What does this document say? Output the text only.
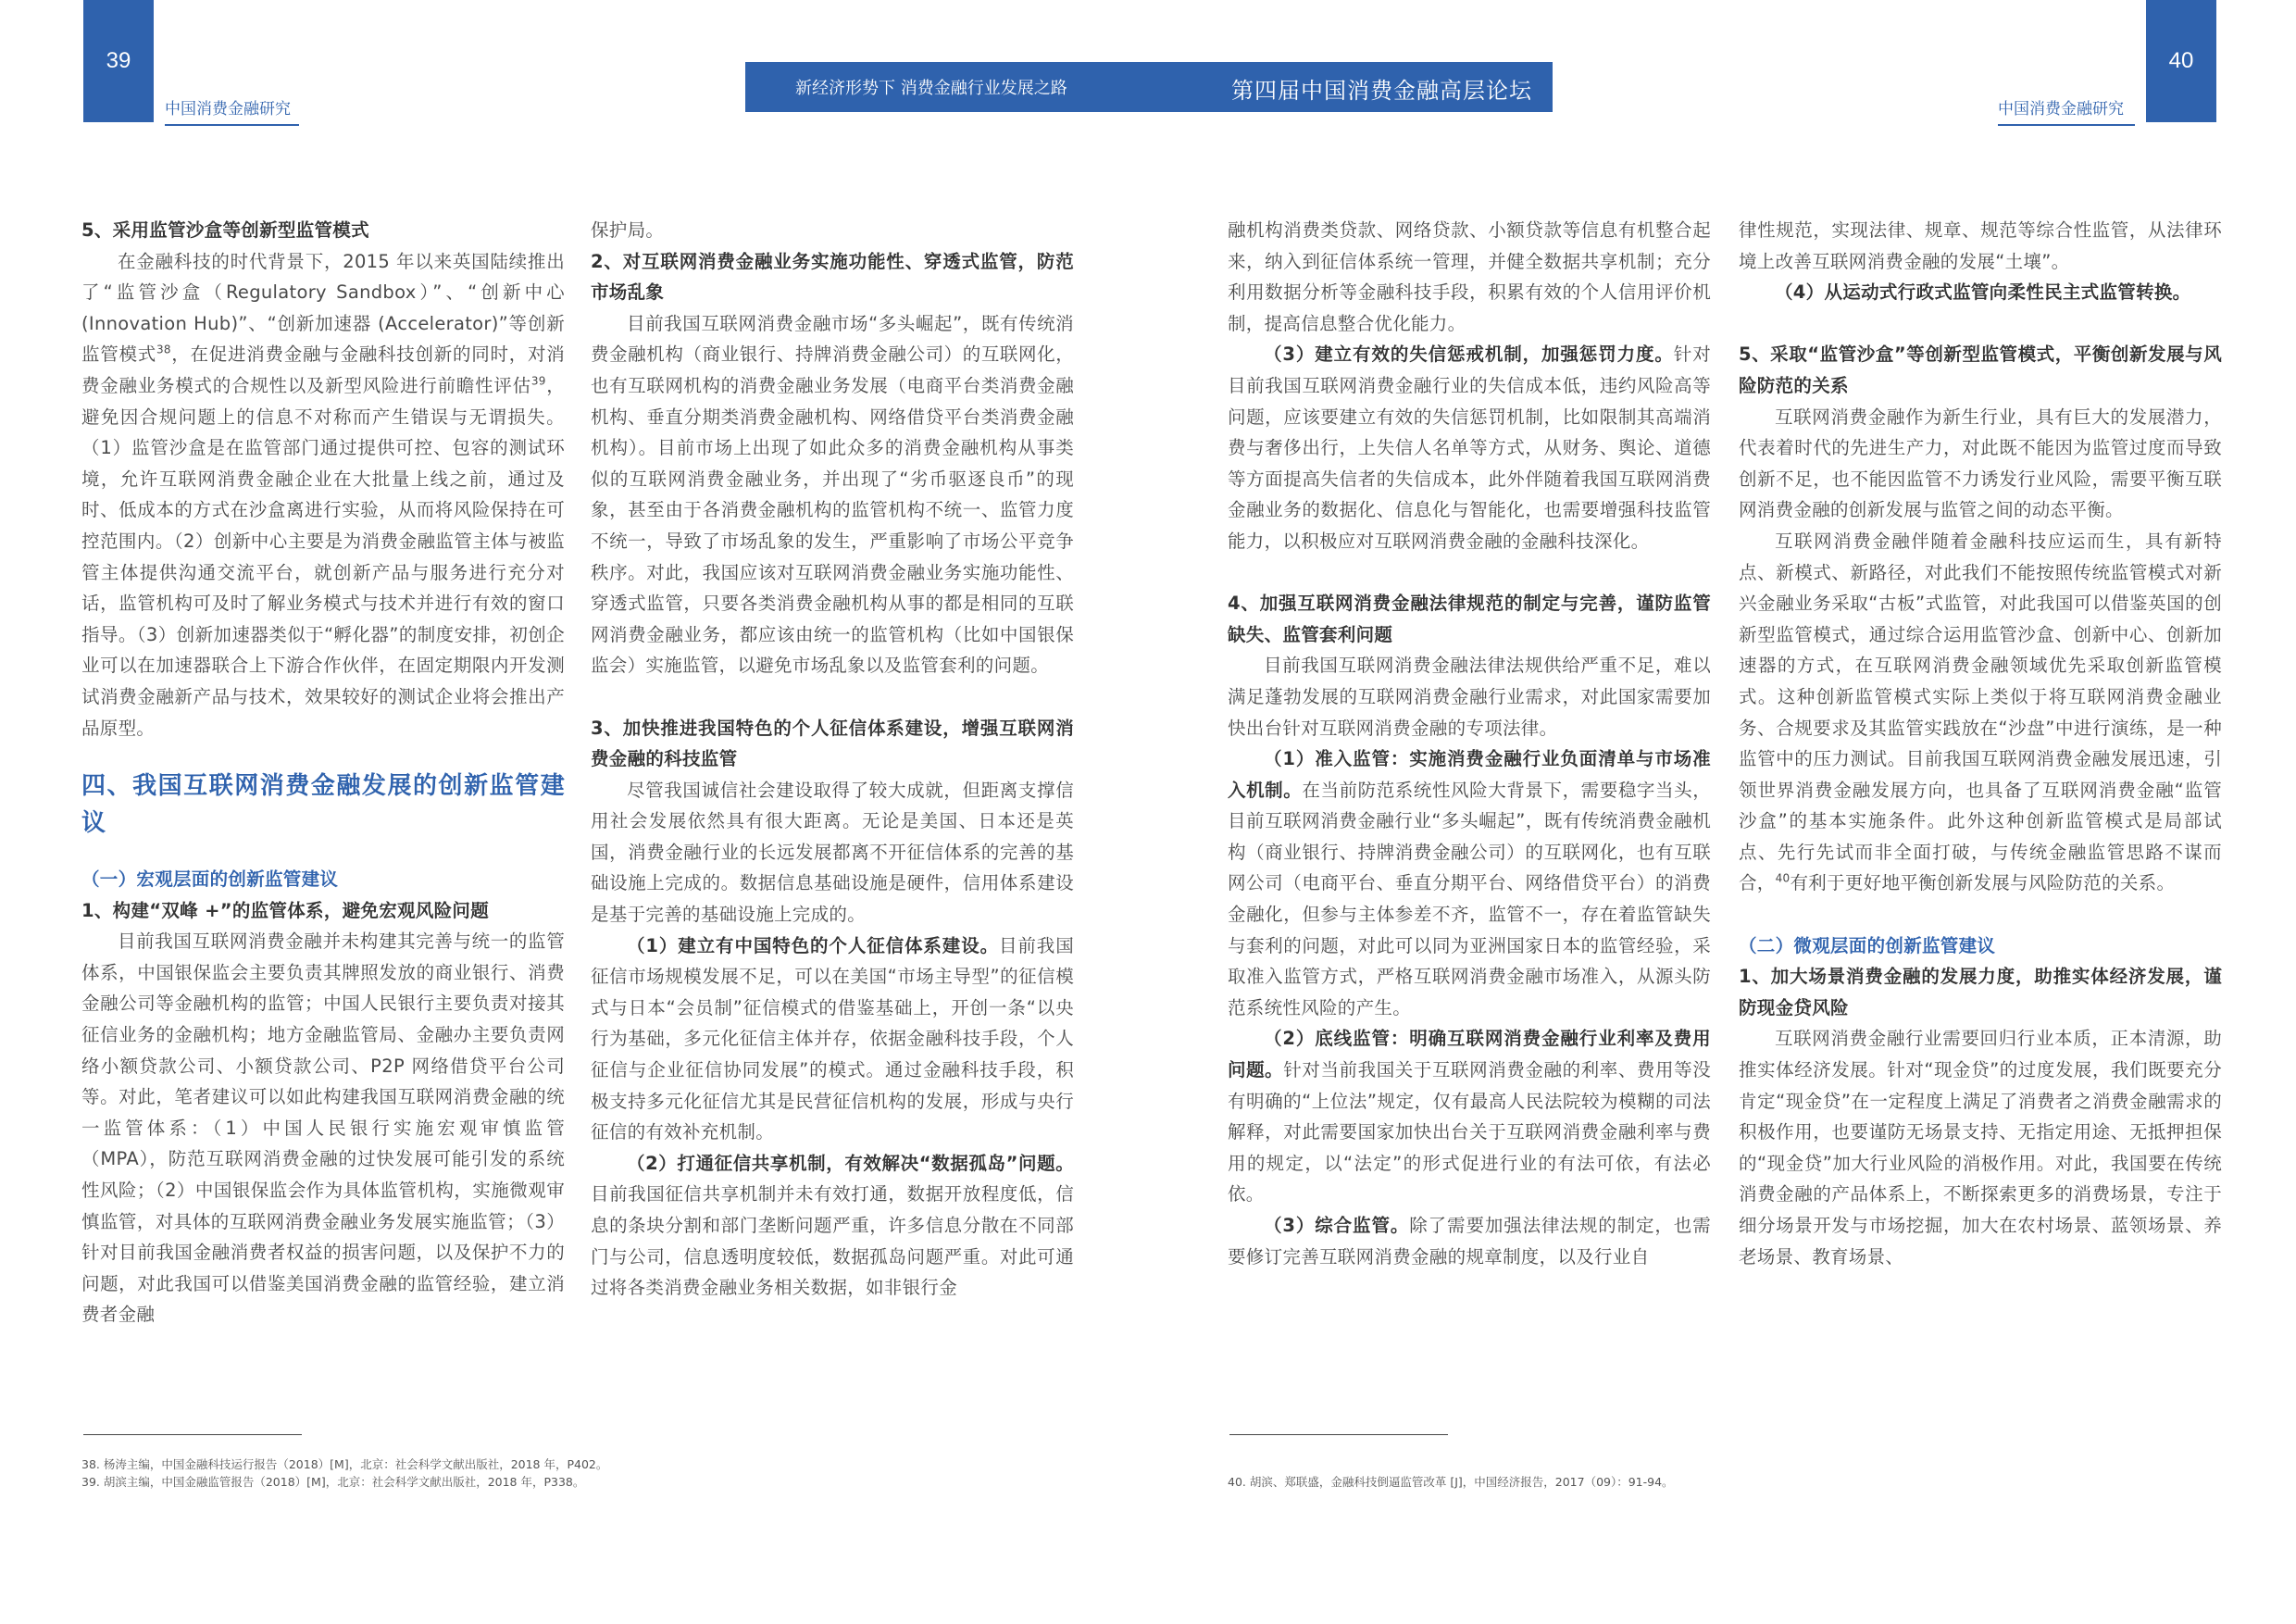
39	40
中国消费金融研究	中国消费金融研究
新经济形势下 消费金融行业发展之路	第四届中国消费金融高层论坛
5、采用监管沙盒等创新型监管模式

在金融科技的时代背景下，2015 年以来英国陆续推出了“监管沙盒（Regulatory Sandbox）”、“创新中心(Innovation Hub)”、“创新加速器 (Accelerator)”等创新监管模式$^{38}$，在促进消费金融与金融科技创新的同时，对消费金融业务模式的合规性以及新型风险进行前瞻性评估$^{39}$，避免因合规问题上的信息不对称而产生错误与无谓损失。（1）监管沙盒是在监管部门通过提供可控、包容的测试环境，允许互联网消费金融企业在大批量上线之前，通过及时、低成本的方式在沙盒离进行实验，从而将风险保持在可控范围内。（2）创新中心主要是为消费金融监管主体与被监管主体提供沟通交流平台，就创新产品与服务进行充分对话，监管机构可及时了解业务模式与技术并进行有效的窗口指导。（3）创新加速器类似于“孵化器”的制度安排，初创企业可以在加速器联合上下游合作伙伴，在固定期限内开发测试消费金融新产品与技术，效果较好的测试企业将会推出产品原型。

四、我国互联网消费金融发展的创新监管建议
（一）宏观层面的创新监管建议
1、构建“双峰 +”的监管体系，避免宏观风险问题

目前我国互联网消费金融并未构建其完善与统一的监管体系，中国银保监会主要负责其牌照发放的商业银行、消费金融公司等金融机构的监管；中国人民银行主要负责对接其征信业务的金融机构；地方金融监管局、金融办主要负责网络小额贷款公司、小额贷款公司、P2P 网络借贷平台公司等。对此，笔者建议可以如此构建我国互联网消费金融的统一监管体系：（1）中国人民银行实施宏观审慎监管（MPA），防范互联网消费金融的过快发展可能引发的系统性风险；（2）中国银保监会作为具体监管机构，实施微观审慎监管，对具体的互联网消费金融业务发展实施监管；（3）针对目前我国金融消费者权益的损害问题，以及保护不力的问题，对此我国可以借鉴美国消费金融的监管经验，建立消费者金融

保护局。

2、对互联网消费金融业务实施功能性、穿透式监管，防范市场乱象

目前我国互联网消费金融市场“多头崛起”，既有传统消费金融机构（商业银行、持牌消费金融公司）的互联网化，也有互联网机构的消费金融业务发展（电商平台类消费金融机构、垂直分期类消费金融机构、网络借贷平台类消费金融机构）。目前市场上出现了如此众多的消费金融机构从事类似的互联网消费金融业务，并出现了“劣币驱逐良币”的现象，甚至由于各消费金融机构的监管机构不统一、监管力度不统一，导致了市场乱象的发生，严重影响了市场公平竞争秩序。对此，我国应该对互联网消费金融业务实施功能性、穿透式监管，只要各类消费金融机构从事的都是相同的互联网消费金融业务，都应该由统一的监管机构（比如中国银保监会）实施监管，以避免市场乱象以及监管套利的问题。

3、加快推进我国特色的个人征信体系建设，增强互联网消费金融的科技监管

尽管我国诚信社会建设取得了较大成就，但距离支撑信用社会发展依然具有很大距离。无论是美国、日本还是英国，消费金融行业的长远发展都离不开征信体系的完善的基础设施上完成的。数据信息基础设施是硬件，信用体系建设是基于完善的基础设施上完成的。

（1）建立有中国特色的个人征信体系建设。目前我国征信市场规模发展不足，可以在美国“市场主导型”的征信模式与日本“会员制”征信模式的借鉴基础上，开创一条“以央行为基础，多元化征信主体并存，依据金融科技手段，个人征信与企业征信协同发展”的模式。通过金融科技手段，积极支持多元化征信尤其是民营征信机构的发展，形成与央行征信的有效补充机制。

（2）打通征信共享机制，有效解决“数据孤岛”问题。目前我国征信共享机制并未有效打通，数据开放程度低，信息的条块分割和部门垄断问题严重，许多信息分散在不同部门与公司，信息透明度较低，数据孤岛问题严重。对此可通过将各类消费金融业务相关数据，如非银行金

融机构消费类贷款、网络贷款、小额贷款等信息有机整合起来，纳入到征信体系统一管理，并健全数据共享机制；充分利用数据分析等金融科技手段，积累有效的个人信用评价机制，提高信息整合优化能力。

（3）建立有效的失信惩戒机制，加强惩罚力度。针对目前我国互联网消费金融行业的失信成本低，违约风险高等问题，应该要建立有效的失信惩罚机制，比如限制其高端消费与奢侈出行，上失信人名单等方式，从财务、舆论、道德等方面提高失信者的失信成本，此外伴随着我国互联网消费金融业务的数据化、信息化与智能化，也需要增强科技监管能力，以积极应对互联网消费金融的金融科技深化。

4、加强互联网消费金融法律规范的制定与完善，谨防监管缺失、监管套利问题

目前我国互联网消费金融法律法规供给严重不足，难以满足蓬勃发展的互联网消费金融行业需求，对此国家需要加快出台针对互联网消费金融的专项法律。

（1）准入监管：实施消费金融行业负面清单与市场准入机制。在当前防范系统性风险大背景下，需要稳字当头，目前互联网消费金融行业“多头崛起”，既有传统消费金融机构（商业银行、持牌消费金融公司）的互联网化，也有互联网公司（电商平台、垂直分期平台、网络借贷平台）的消费金融化，但参与主体参差不齐，监管不一，存在着监管缺失与套利的问题，对此可以同为亚洲国家日本的监管经验，采取准入监管方式，严格互联网消费金融市场准入，从源头防范系统性风险的产生。

（2）底线监管：明确互联网消费金融行业利率及费用问题。针对当前我国关于互联网消费金融的利率、费用等没有明确的“上位法”规定，仅有最高人民法院较为模糊的司法解释，对此需要国家加快出台关于互联网消费金融利率与费用的规定，以“法定”的形式促进行业的有法可依，有法必依。

（3）综合监管。除了需要加强法律法规的制定，也需要修订完善互联网消费金融的规章制度，以及行业自

律性规范，实现法律、规章、规范等综合性监管，从法律环境上改善互联网消费金融的发展“土壤”。

（4）从运动式行政式监管向柔性民主式监管转换。

5、采取“监管沙盒”等创新型监管模式，平衡创新发展与风险防范的关系

互联网消费金融作为新生行业，具有巨大的发展潜力，代表着时代的先进生产力，对此既不能因为监管过度而导致创新不足，也不能因监管不力诱发行业风险，需要平衡互联网消费金融的创新发展与监管之间的动态平衡。

互联网消费金融伴随着金融科技应运而生，具有新特点、新模式、新路径，对此我们不能按照传统监管模式对新兴金融业务采取“古板”式监管，对此我国可以借鉴英国的创新型监管模式，通过综合运用监管沙盒、创新中心、创新加速器的方式，在互联网消费金融领域优先采取创新监管模式。这种创新监管模式实际上类似于将互联网消费金融业务、合规要求及其监管实践放在“沙盘”中进行演练，是一种监管中的压力测试。目前我国互联网消费金融发展迅速，引领世界消费金融发展方向，也具备了互联网消费金融“监管沙盒”的基本实施条件。此外这种创新监管模式是局部试点、先行先试而非全面打破，与传统金融监管思路不谋而合，$^{40}$有利于更好地平衡创新发展与风险防范的关系。

（二）微观层面的创新监管建议
1、加大场景消费金融的发展力度，助推实体经济发展，谨防现金贷风险

互联网消费金融行业需要回归行业本质，正本清源，助推实体经济发展。针对“现金贷”的过度发展，我们既要充分肯定“现金贷”在一定程度上满足了消费者之消费金融需求的积极作用，也要谨防无场景支持、无指定用途、无抵押担保的“现金贷”加大行业风险的消极作用。对此，我国要在传统消费金融的产品体系上，不断探索更多的消费场景，专注于细分场景开发与市场挖掘，加大在农村场景、蓝领场景、养老场景、教育场景、

38. 杨涛主编，中国金融科技运行报告（2018）[M]，北京：社会科学文献出版社，2018 年，P402。
39. 胡滨主编，中国金融监管报告（2018）[M]，北京：社会科学文献出版社，2018 年，P338。	40. 胡滨、郑联盛，金融科技倒逼监管改革 [J]，中国经济报告，2017（09）：91-94。
